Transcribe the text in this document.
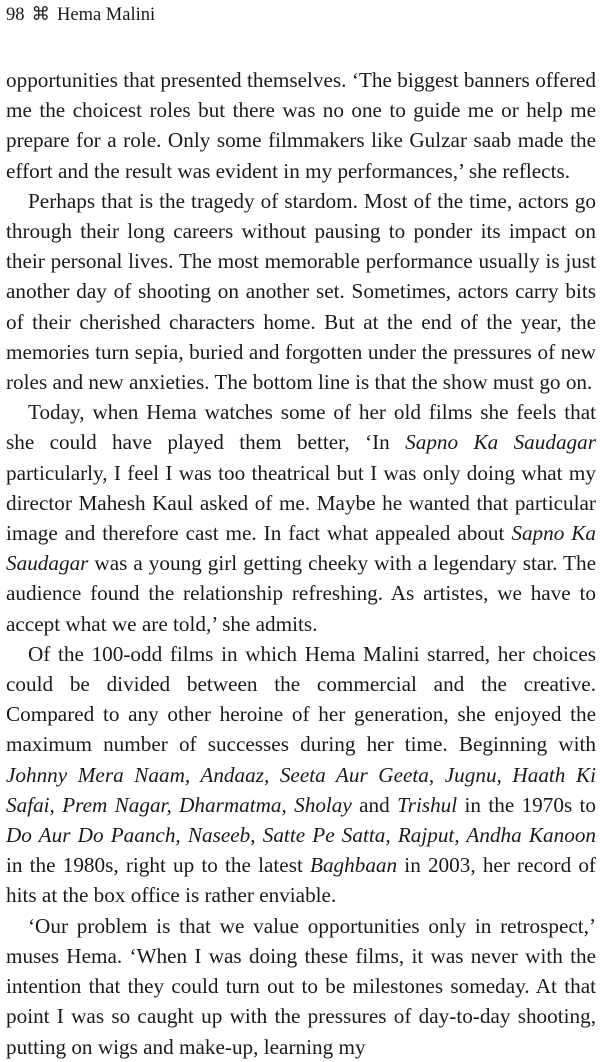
98 ⌘ Hema Malini

opportunities that presented themselves. ‘The biggest banners offered me the choicest roles but there was no one to guide me or help me prepare for a role. Only some filmmakers like Gulzar saab made the effort and the result was evident in my performances,’ she reflects.

Perhaps that is the tragedy of stardom. Most of the time, actors go through their long careers without pausing to ponder its impact on their personal lives. The most memorable performance usually is just another day of shooting on another set. Sometimes, actors carry bits of their cherished characters home. But at the end of the year, the memories turn sepia, buried and forgotten under the pressures of new roles and new anxieties. The bottom line is that the show must go on.

Today, when Hema watches some of her old films she feels that she could have played them better, ‘In Sapno Ka Saudagar particularly, I feel I was too theatrical but I was only doing what my director Mahesh Kaul asked of me. Maybe he wanted that particular image and therefore cast me. In fact what appealed about Sapno Ka Saudagar was a young girl getting cheeky with a legendary star. The audience found the relationship refreshing. As artistes, we have to accept what we are told,’ she admits.

Of the 100-odd films in which Hema Malini starred, her choices could be divided between the commercial and the creative. Compared to any other heroine of her generation, she enjoyed the maximum number of successes during her time. Beginning with Johnny Mera Naam, Andaaz, Seeta Aur Geeta, Jugnu, Haath Ki Safai, Prem Nagar, Dharmatma, Sholay and Trishul in the 1970s to Do Aur Do Paanch, Naseeb, Satte Pe Satta, Rajput, Andha Kanoon in the 1980s, right up to the latest Baghbaan in 2003, her record of hits at the box office is rather enviable.

‘Our problem is that we value opportunities only in retrospect,’ muses Hema. ‘When I was doing these films, it was never with the intention that they could turn out to be milestones someday. At that point I was so caught up with the pressures of day-to-day shooting, putting on wigs and make-up, learning my
